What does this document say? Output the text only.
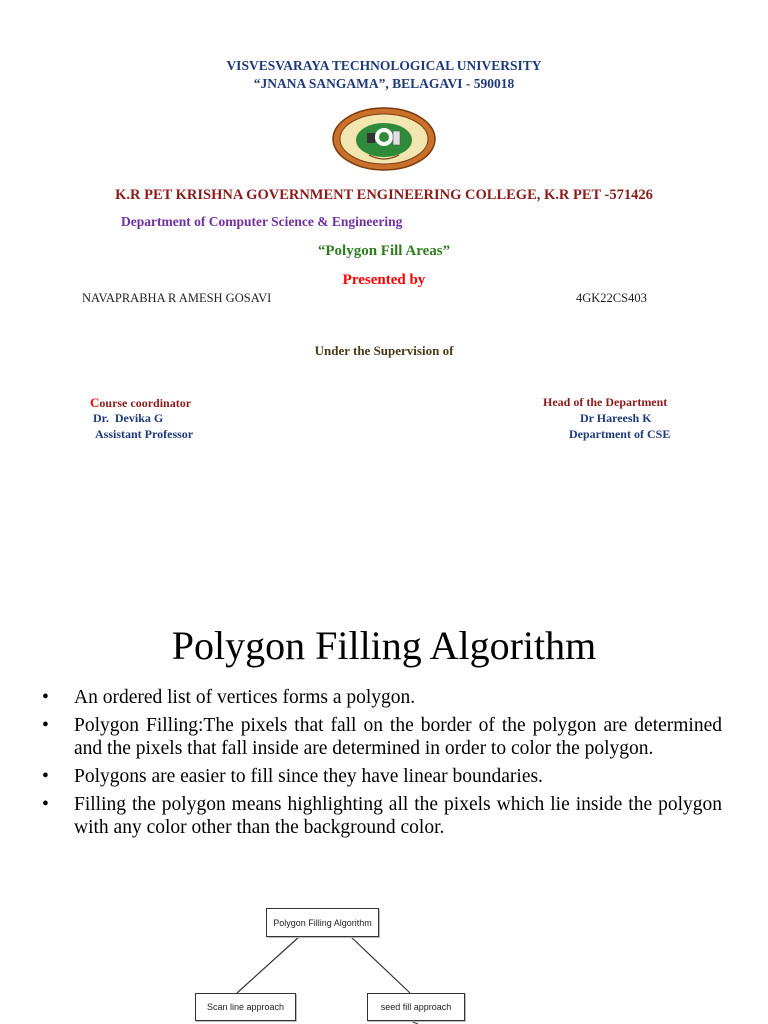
VISVESVARAYA TECHNOLOGICAL UNIVERSITY
“JNANA SANGAMA”, BELAGAVI - 590018
K.R PET KRISHNA GOVERNMENT ENGINEERING COLLEGE, K.R PET -571426
Department of Computer Science & Engineering
“Polygon Fill Areas”
Presented by
NAVAPRABHA R AMESH GOSAVI	4GK22CS403
Under the Supervision of
Course coordinator
Dr.  Devika G
Assistant Professor
Head of the Department
Dr Hareesh K
Department of CSE
Polygon Filling Algorithm
•	An ordered list of vertices forms a polygon.
•	Polygon Filling:The pixels that fall on the border of the polygon are determined and the pixels that fall inside are determined in order to color the polygon.
•	Polygons are easier to fill since they have linear boundaries.
•	Filling the polygon means highlighting all the pixels which lie inside the polygon with any color other than the background color.
Polygon Filling Algorithm
Scan line approach	seed fill approach
